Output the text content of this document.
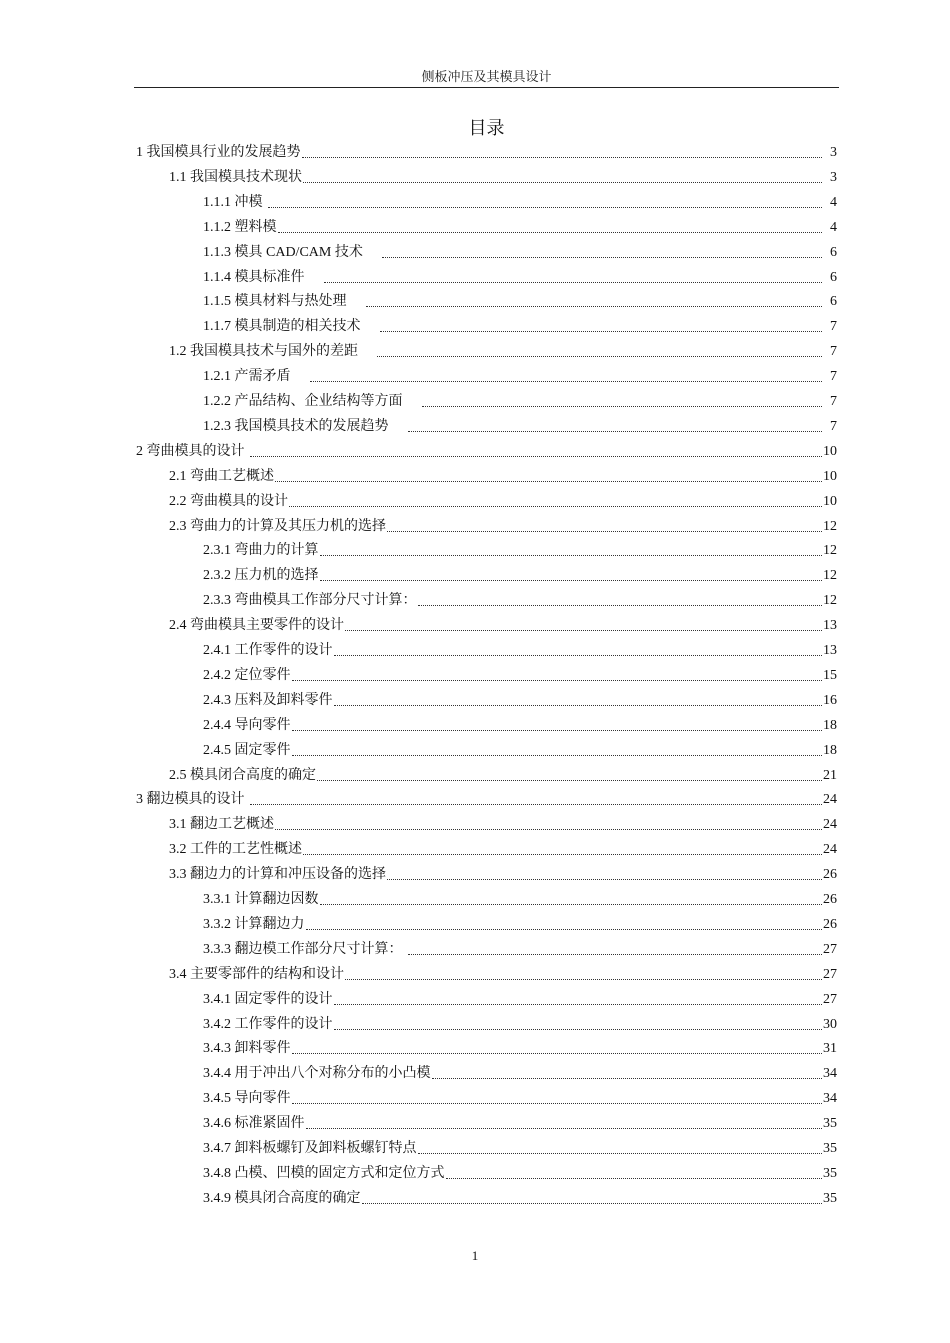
侧板冲压及其模具设计
目录
1 我国模具行业的发展趋势	3
1.1 我国模具技术现状	3
1.1.1 冲模	4
1.1.2 塑料模	4
1.1.3 模具 CAD/CAM 技术	6
1.1.4 模具标准件	6
1.1.5 模具材料与热处理	6
1.1.7 模具制造的相关技术	7
1.2 我国模具技术与国外的差距	7
1.2.1 产需矛盾	7
1.2.2 产品结构、企业结构等方面	7
1.2.3 我国模具技术的发展趋势	7
2 弯曲模具的设计	10
2.1 弯曲工艺概述	10
2.2 弯曲模具的设计	10
2.3 弯曲力的计算及其压力机的选择	12
2.3.1 弯曲力的计算	12
2.3.2 压力机的选择	12
2.3.3 弯曲模具工作部分尺寸计算：	12
2.4 弯曲模具主要零件的设计	13
2.4.1 工作零件的设计	13
2.4.2 定位零件	15
2.4.3 压料及卸料零件	16
2.4.4 导向零件	18
2.4.5 固定零件	18
2.5 模具闭合高度的确定	21
3 翻边模具的设计	24
3.1 翻边工艺概述	24
3.2 工件的工艺性概述	24
3.3 翻边力的计算和冲压设备的选择	26
3.3.1 计算翻边因数	26
3.3.2 计算翻边力	26
3.3.3 翻边模工作部分尺寸计算：	27
3.4 主要零部件的结构和设计	27
3.4.1 固定零件的设计	27
3.4.2 工作零件的设计	30
3.4.3 卸料零件	31
3.4.4 用于冲出八个对称分布的小凸模	34
3.4.5 导向零件	34
3.4.6 标准紧固件	35
3.4.7 卸料板螺钉及卸料板螺钉特点	35
3.4.8 凸模、凹模的固定方式和定位方式	35
3.4.9 模具闭合高度的确定	35
1
